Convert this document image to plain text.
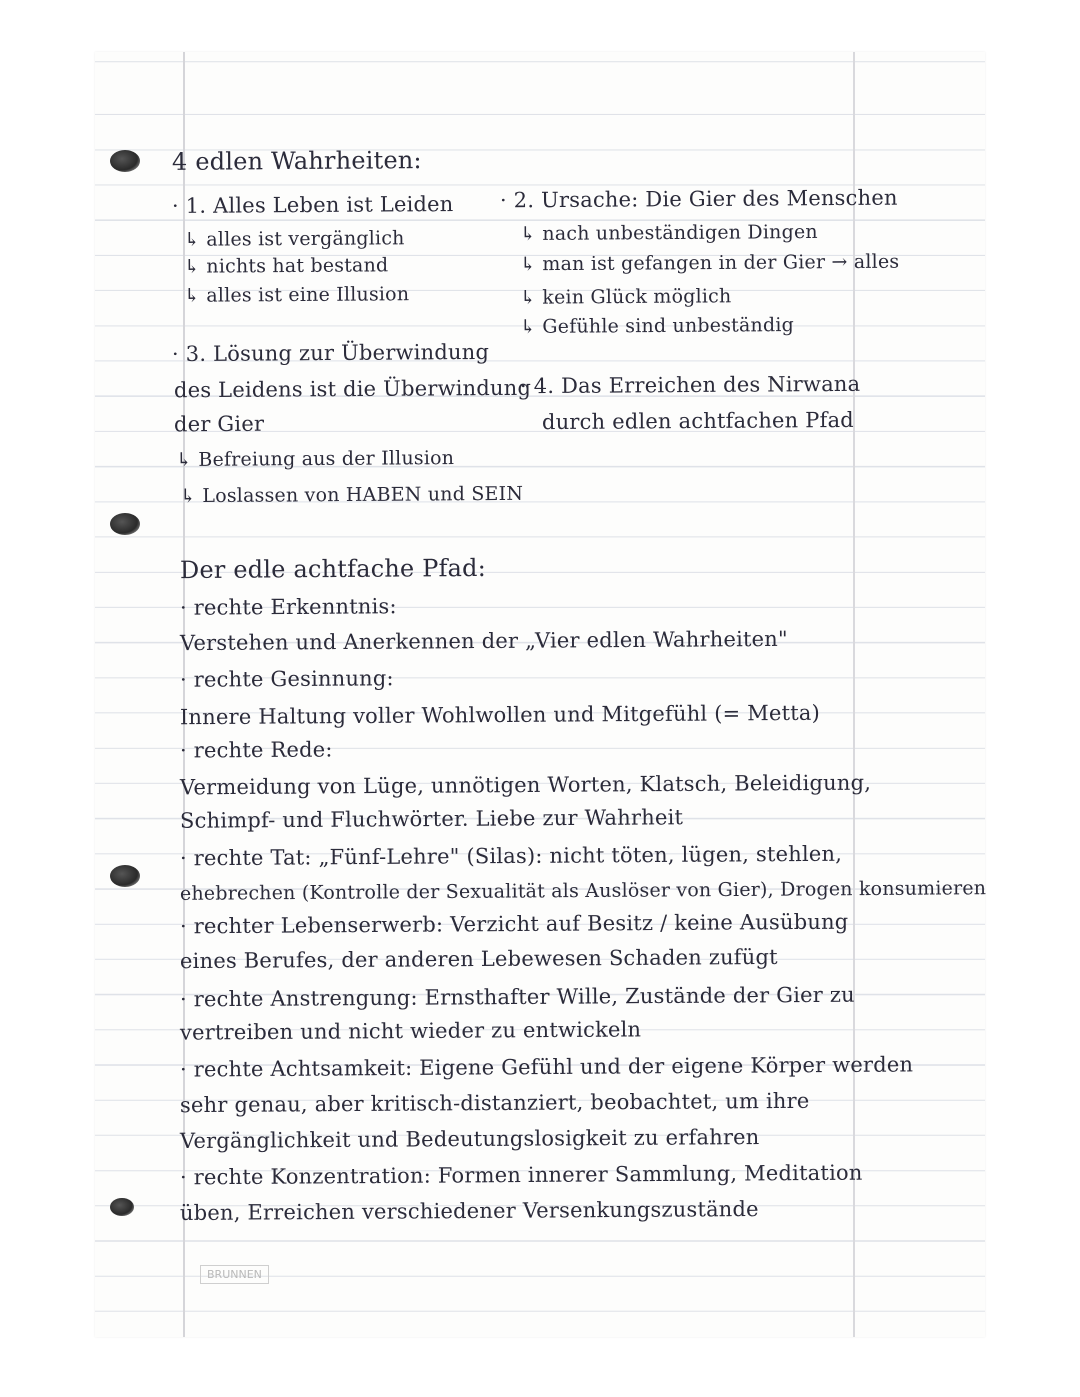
4 edlen Wahrheiten:
· 1. Alles Leben ist Leiden
↳ alles ist vergänglich
↳ nichts hat bestand
↳ alles ist eine Illusion
· 2. Ursache: Die Gier des Menschen
↳ nach unbeständigen Dingen
↳ man ist gefangen in der Gier → alles
↳ kein Glück möglich
↳ Gefühle sind unbeständig
· 3. Lösung zur Überwindung
des Leidens ist die Überwindung
der Gier
↳ Befreiung aus der Illusion
↳ Loslassen von HABEN und SEIN
· 4. Das Erreichen des Nirwana
durch edlen achtfachen Pfad
Der edle achtfache Pfad:
· rechte Erkenntnis:
Verstehen und Anerkennen der „Vier edlen Wahrheiten"
· rechte Gesinnung:
Innere Haltung voller Wohlwollen und Mitgefühl (= Metta)
· rechte Rede:
Vermeidung von Lüge, unnötigen Worten, Klatsch, Beleidigung,
Schimpf- und Fluchwörter. Liebe zur Wahrheit
· rechte Tat: „Fünf-Lehre" (Silas): nicht töten, lügen, stehlen,
ehebrechen (Kontrolle der Sexualität als Auslöser von Gier), Drogen konsumieren
· rechter Lebenserwerb: Verzicht auf Besitz / keine Ausübung
eines Berufes, der anderen Lebewesen Schaden zufügt
· rechte Anstrengung: Ernsthafter Wille, Zustände der Gier zu
vertreiben und nicht wieder zu entwickeln
· rechte Achtsamkeit: Eigene Gefühl und der eigene Körper werden
sehr genau, aber kritisch-distanziert, beobachtet, um ihre
Vergänglichkeit und Bedeutungslosigkeit zu erfahren
· rechte Konzentration: Formen innerer Sammlung, Meditation
üben, Erreichen verschiedener Versenkungszustände
BRUNNEN
